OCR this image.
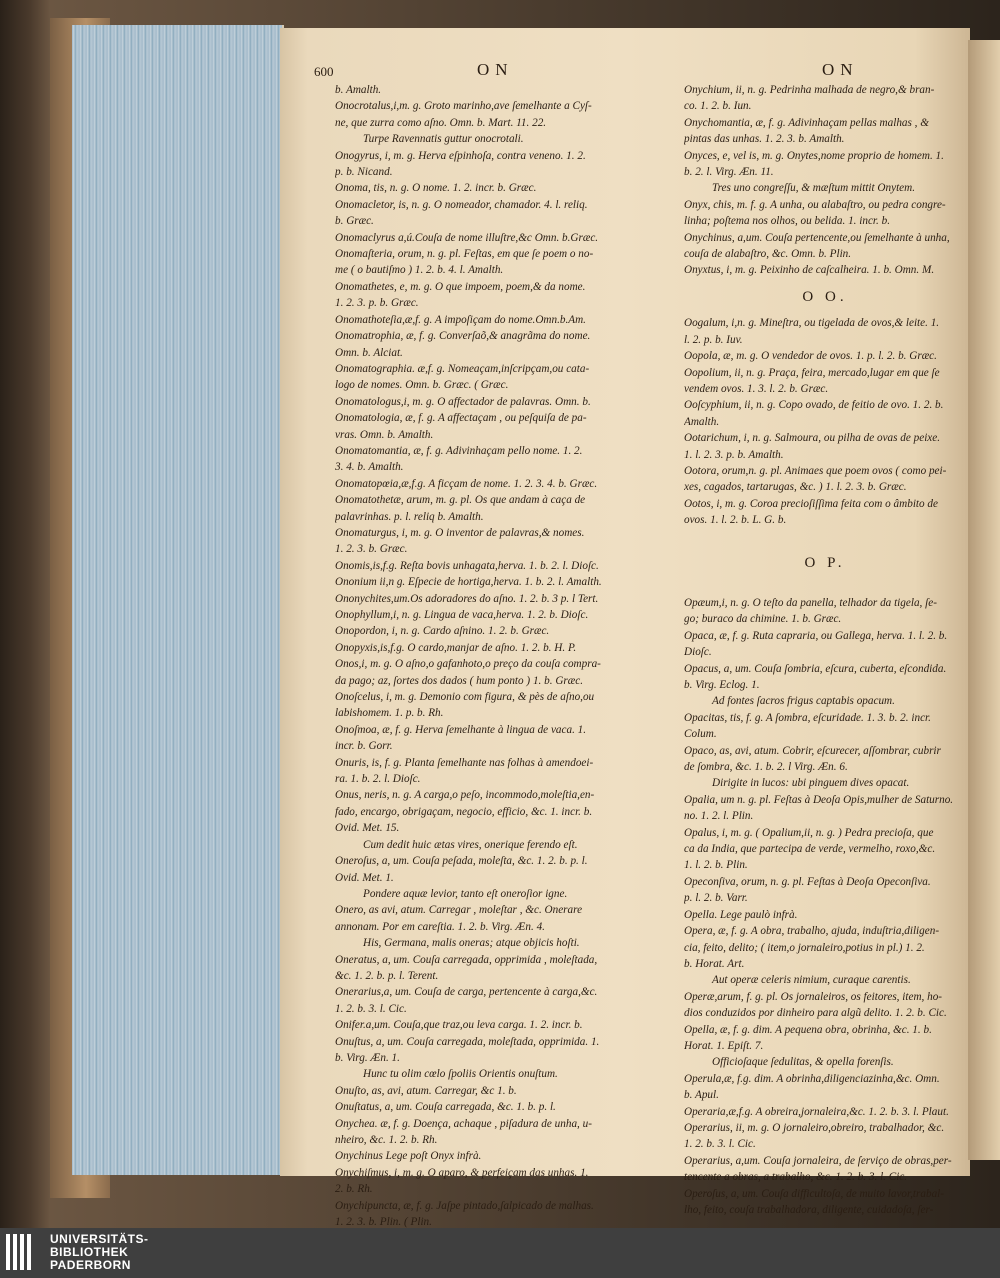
600	ON	ON
b. Amalth.
Onocrotalus,i,m. g. Groto marinho,ave ſemelhante a Cyſ-
ne, que zurra como aſno. Omn. b. Mart. 11. 22.
Turpe Ravennatis guttur onocrotali.
* Onogyrus, i, m. g. Herva eſpinhoſa, contra veneno. 1. 2.
p. b. Nicand.
* Onoma, tis, n. g. O nome. 1. 2. incr. b. Græc.
* Onomacletor, is, n. g. O nomeador, chamador. 4. l. reliq.
b. Græc.
* Onomaclyrus a,ú.Couſa de nome illuſtre,&c Omn. b.Græc.
* Onomaſteria, orum, n. g. pl. Feſtas, em que ſe poem o no-
me ( o bautiſmo ) 1. 2. b. 4. l. Amalth.
* Onomathetes, e, m. g. O que impoem, poem,& da nome.
1. 2. 3. p. b. Græc.
* Onomathoteſia,æ,f. g. A impoſiçam do nome.Omn.b.Am.
* Onomatrophia, æ, f. g. Converſaõ,& anagrãma do nome.
Omn. b. Alciat.
* Onomatographia. æ,f. g. Nomeaçam,inſcripçam,ou cata-
logo de nomes. Omn. b. Græc. ( Græc.
* Onomatologus,i, m. g. O affectador de palavras. Omn. b.
* Onomatologia, æ, f. g. A affectaçam , ou peſquiſa de pa-
vras. Omn. b. Amalth.
* Onomatomantia, æ, f. g. Adivinhaçam pello nome. 1. 2.
3. 4. b. Amalth.
Onomatopœia,æ,f.g. A ficçam de nome. 1. 2. 3. 4. b. Græc.
Onomatothetæ, arum, m. g. pl. Os que andam à caça de
palavrinhas. p. l. reliq b. Amalth.
* Onomaturgus, i, m. g. O inventor de palavras,& nomes.
1. 2. 3. b. Græc.
Onomis,is,f.g. Reſta bovis unhagata,herva. 1. b. 2. l. Dioſc.
Ononium ii,n g. Eſpecie de hortiga,herva. 1. b. 2. l. Amalth.
* Ononychites,um.Os adoradores do aſno. 1. 2. b. 3 p. l Tert.
Onophyllum,i, n. g. Lingua de vaca,herva. 1. 2. b. Dioſc.
* Onopordon, i, n. g. Cardo aſnino. 1. 2. b. Græc.
Onopyxis,is,f.g. O cardo,manjar de aſno. 1. 2. b. H. P.
* Onos,i, m. g. O aſno,o gafanhoto,o preço da couſa compra-
da pago; az, ſortes dos dados ( hum ponto ) 1. b. Græc.
* Onoſcelus, i, m. g. Demonio com figura, & pès de aſno,ou
labishomem. 1. p. b. Rh.
* Onoſmoa, æ, f. g. Herva ſemelhante à lingua de vaca. 1.
incr. b. Gorr.
Onuris, is, f. g. Planta ſemelhante nas folhas à amendoei-
ra. 1. b. 2. l. Dioſc.
Onus, neris, n. g. A carga,o peſo, incommodo,moleſtia,en-
fado, encargo, obrigaçam, negocio, efficio, &c. 1. incr. b.
Ovid. Met. 15.
Cum dedit huic ætas vires, onerique ferendo eſt.
Oneroſus, a, um. Couſa peſada, moleſta, &c. 1. 2. b. p. l.
Ovid. Met. 1.
Pondere aquæ levior, tanto eſt oneroſior igne.
Onero, as avi, atum. Carregar , moleſtar , &c. Onerare
annonam. Por em careſtia. 1. 2. b. Virg. Æn. 4.
His, Germana, malis oneras; atque objicis hoſti.
Oneratus, a, um. Couſa carregada, opprimida , moleſtada,
&c. 1. 2. b. p. l. Terent.
Onerarius,a, um. Couſa de carga, pertencente à carga,&c.
1. 2. b. 3. l. Cic.
* Onifer.a,um. Couſa,que traz,ou leva carga. 1. 2. incr. b.
Onuſtus, a, um. Couſa carregada, moleſtada, opprimida. 1.
b. Virg. Æn. 1.
Hunc tu olim cœlo ſpoliis Orientis onuſtum.
* Onuſto, as, avi, atum. Carregar, &c 1. b.
* Onuſtatus, a, um. Couſa carregada, &c. 1. b. p. l.
* Onychea. æ, f. g. Doença, achaque , piſadura de unha, u-
nheiro, &c. 1. 2. b. Rh.
Onychinus Lege poſt Onyx infrà.
Onychiſmus, i, m. g. O aparo, & perfeiçam das unhas. 1.
2. b. Rh.
Onychipuncta, æ, f. g. Jaſpe pintado,ſalpicado de malhas.
1. 2. 3. b. Plin. ( Plin.
* Onychium, ii, n. g. Pedrinha malhada de negro,& bran-
co. 1. 2. b. Iun.
* Onychomantia, æ, f. g. Adivinhaçam pellas malhas , &
pintas das unhas. 1. 2. 3. b. Amalth.
Onyces, e, vel is, m. g. Onytes,nome proprio de homem. 1.
b. 2. l. Virg. Æn. 11.
Tres uno congreſſu, & mæſtum mittit Onytem.
Onyx, chis, m. f. g. A unha, ou alabaſtro, ou pedra congre-
linha; poſtema nos olhos, ou belida. 1. incr. b.
Onychinus, a,um. Couſa pertencente,ou ſemelhante à unha,
couſa de alabaſtro, &c. Omn. b. Plin.
Onyxtus, i, m. g. Peixinho de caſcalheira. 1. b. Omn. M.
O O.
* Oogalum, i,n. g. Mineſtra, ou tigelada de ovos,& leite. 1.
l. 2. p. b. Iuv.
* Oopola, æ, m. g. O vendedor de ovos. 1. p. l. 2. b. Græc.
* Oopolium, ii, n. g. Praça, feira, mercado,lugar em que ſe
vendem ovos. 1. 3. l. 2. b. Græc.
* Ooſcyphium, ii, n. g. Copo ovado, de feitio de ovo. 1. 2. b.
Amalth.
* Ootarichum, i, n. g. Salmoura, ou pilha de ovas de peixe.
1. l. 2. 3. p. b. Amalth.
* Ootora, orum,n. g. pl. Animaes que poem ovos ( como pei-
xes, cagados, tartarugas, &c. ) 1. l. 2. 3. b. Græc.
* Ootos, i, m. g. Coroa precioſiſſima feita com o âmbito de
ovos. 1. l. 2. b. L. G. b.
O P.
* Opæum,i, n. g. O teſto da panella, telhador da tigela, ſe-
go; buraco da chimine. 1. b. Græc.
Opaca, æ, f. g. Ruta capraria, ou Gallega, herva. 1. l. 2. b.
Dioſc.
Opacus, a, um. Couſa ſombria, eſcura, cuberta, eſcondida.
b. Virg. Eclog. 1.
Ad fontes ſacros frigus captabis opacum.
Opacitas, tis, f. g. A ſombra, eſcuridade. 1. 3. b. 2. incr.
Colum.
Opaco, as, avi, atum. Cobrir, eſcurecer, aſſombrar, cubrir
de ſombra, &c. 1. b. 2. l Virg. Æn. 6.
Dirigite in lucos: ubi pinguem dives opacat.
Opalia, um n. g. pl. Feſtas à Deoſa Opis,mulher de Saturno.
no. 1. 2. l. Plin.
Opalus, i, m. g. ( Opalium,ii, n. g. ) Pedra precioſa, que
ca da India, que partecipa de verde, vermelho, roxo,&c.
1. l. 2. b. Plin.
Opeconſiva, orum, n. g. pl. Feſtas à Deoſa Opeconſiva.
p. l. 2. b. Varr.
Opella. Lege paulò infrà.
Opera, æ, f. g. A obra, trabalho, ajuda, induſtria,diligen-
cia, feito, delito; ( item,o jornaleiro,potius in pl.) 1. 2.
b. Horat. Art.
Aut operæ celeris nimium, curaque carentis.
Operæ,arum, f. g. pl. Os jornaleiros, os feitores, item, ho-
dios conduzidos por dinheiro para algũ delito. 1. 2. b. Cic.
Opella, æ, f. g. dim. A pequena obra, obrinha, &c. 1. b.
Horat. 1. Epiſt. 7.
Officioſaque ſedulitas, & opella forenſis.
* Operula,æ, f.g. dim. A obrinha,diligenciazinha,&c. Omn.
b. Apul.
Operaria,æ,f.g. A obreira,jornaleira,&c. 1. 2. b. 3. l. Plaut.
Operarius, ii, m. g. O jornaleiro,obreiro, trabalhador, &c.
1. 2. b. 3. l. Cic.
Operarius, a,um. Couſa jornaleira, de ſerviço de obras,per-
tencente a obras, a trabalho, &c. 1. 2. b. 3. l. Cic.
Operoſus, a, um. Couſa difficultoſa, de muito lavor,trabal-
lho, feito, couſa trabalhadora, diligente, cuidadoſa, ſer-
UNIVERSITÄTS-
BIBLIOTHEK
PADERBORN
